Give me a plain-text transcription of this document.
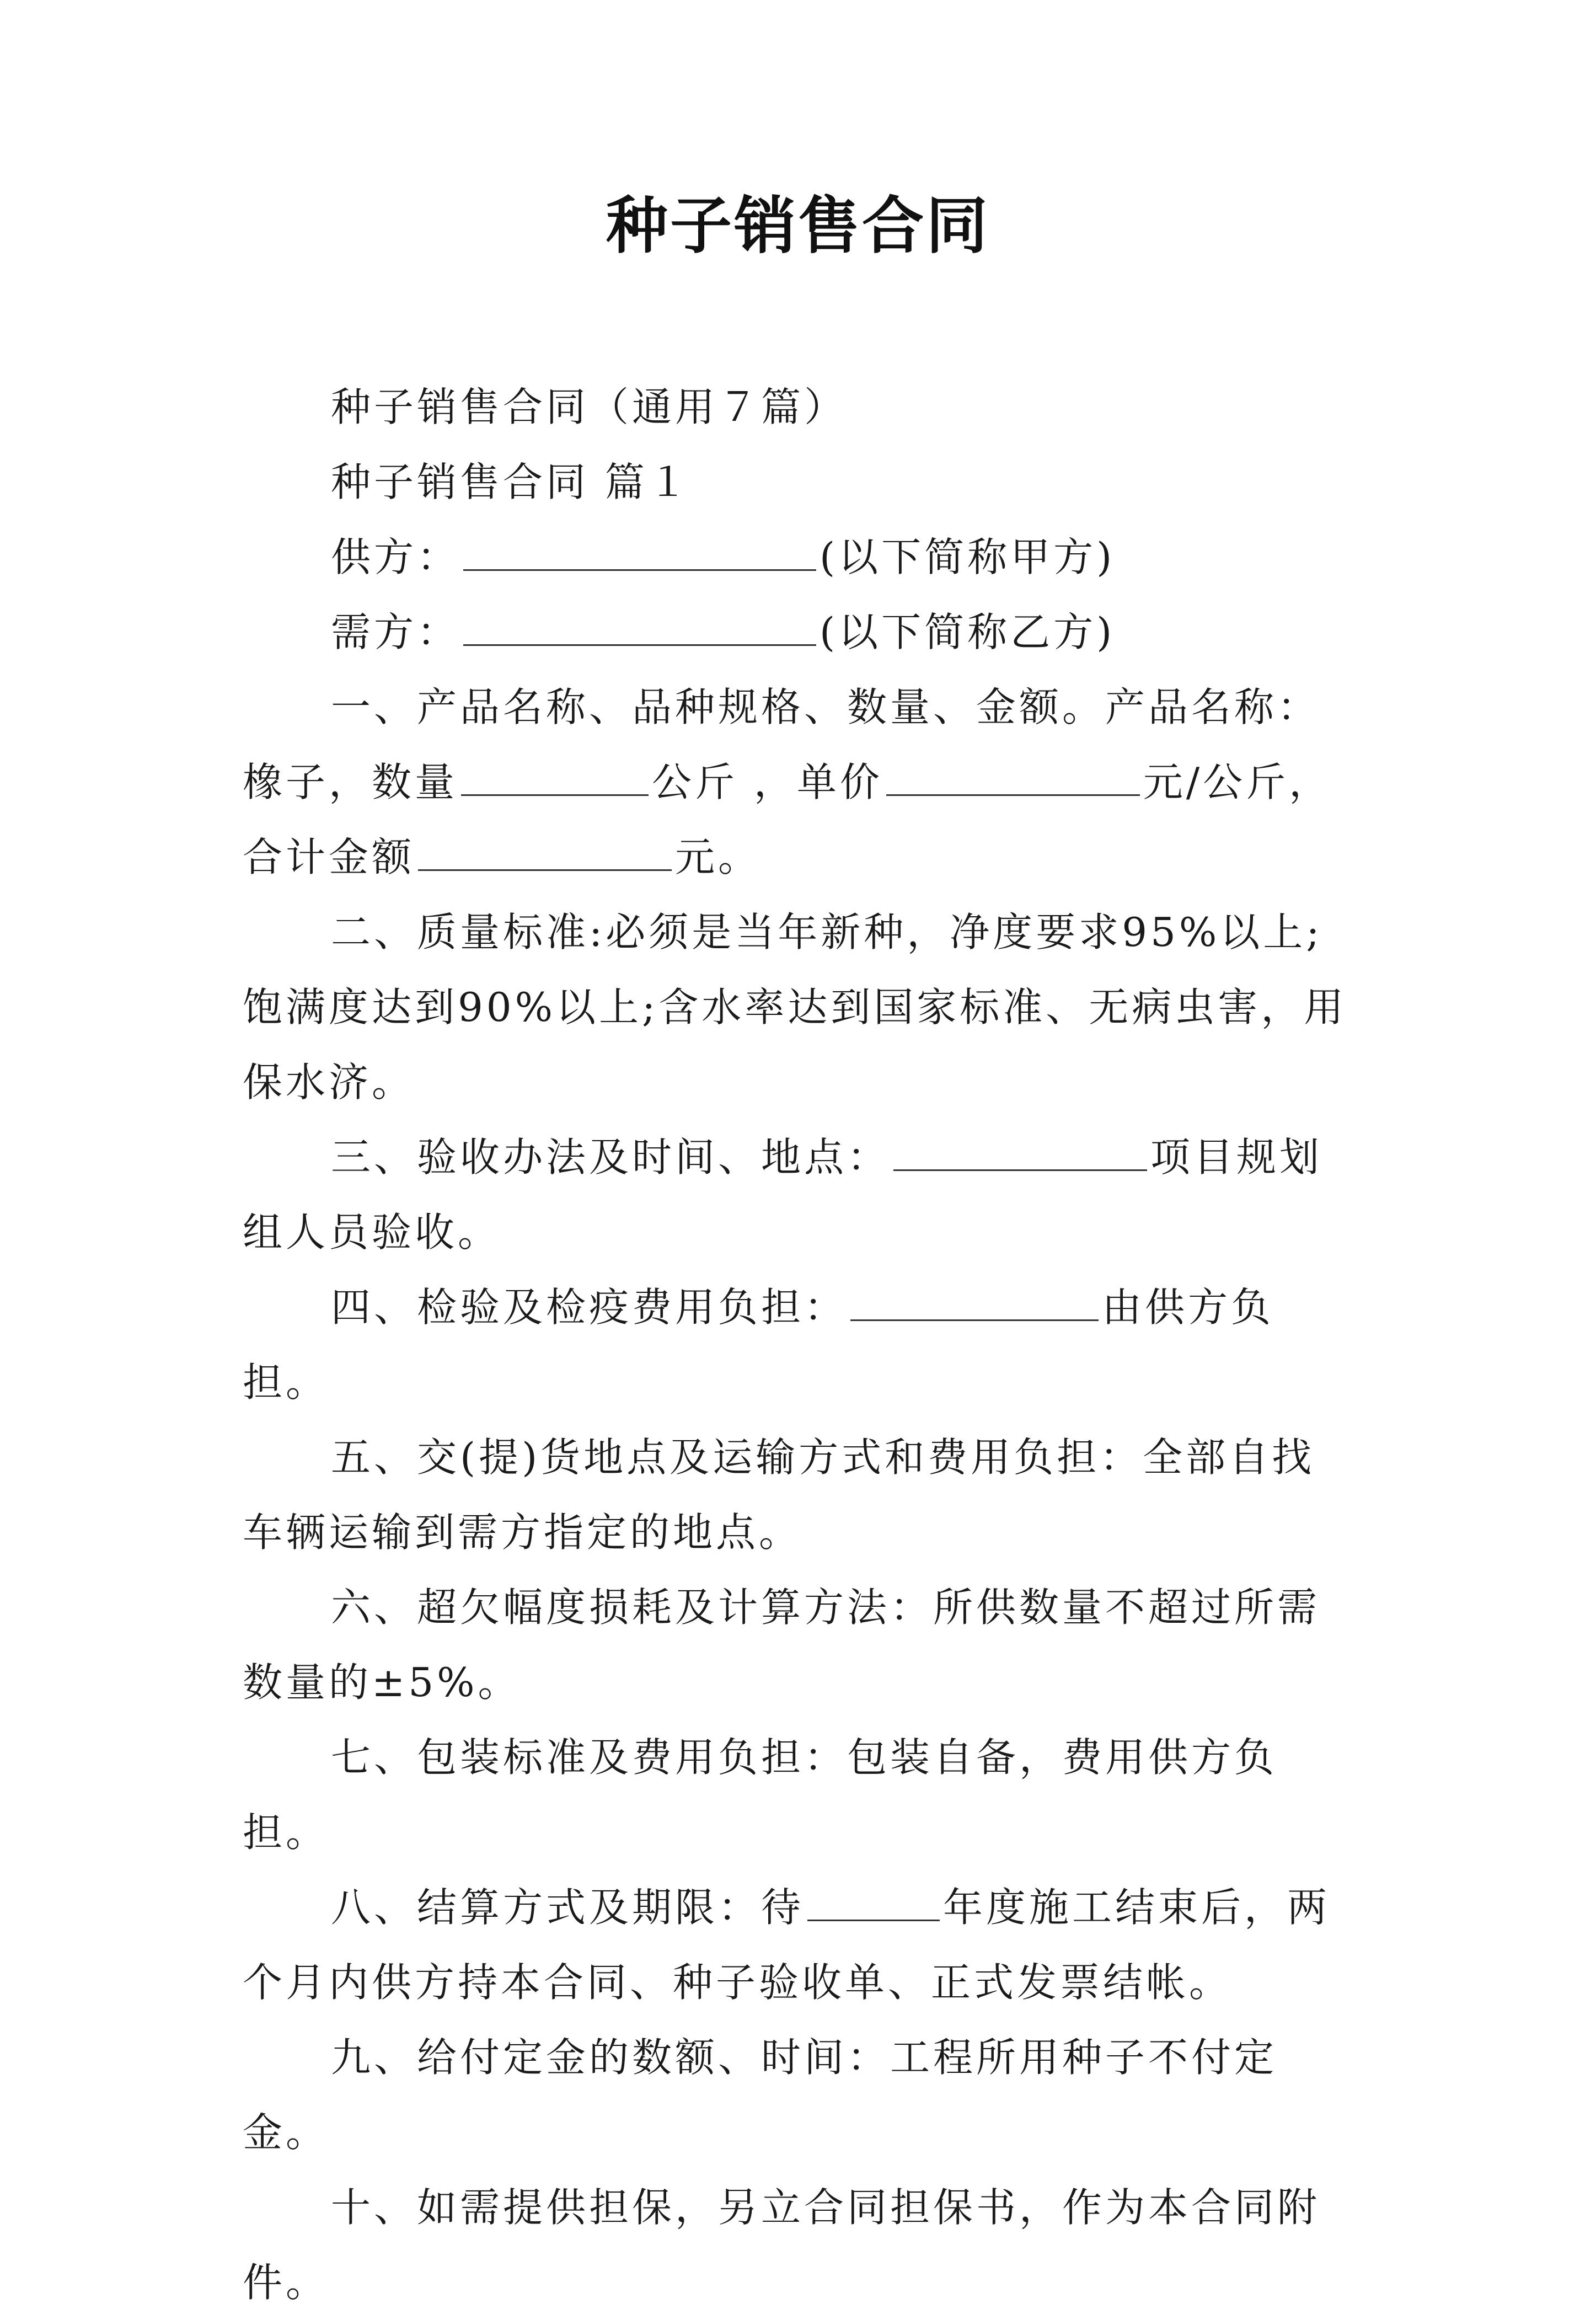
种子销售合同

种子销售合同（通用７篇）

种子销售合同 篇１

供方：	(以下简称甲方)

需方：	(以下简称乙方)

一、产品名称、品种规格、数量、金额。产品名称：橡子，数量	公斤 ，单价	元/公斤，合计金额	元。

二、质量标准:必须是当年新种，净度要求95%以上;饱满度达到90%以上;含水率达到国家标准、无病虫害，用保水济。

三、验收办法及时间、地点：	项目规划组人员验收。

四、检验及检疫费用负担：	由供方负担。

五、交(提)货地点及运输方式和费用负担：全部自找车辆运输到需方指定的地点。

六、超欠幅度损耗及计算方法：所供数量不超过所需数量的±5%。

七、包装标准及费用负担：包装自备，费用供方负担。

八、结算方式及期限：待	年度施工结束后，两个月内供方持本合同、种子验收单、正式发票结帐。

九、给付定金的数额、时间：工程所用种子不付定金。

十、如需提供担保，另立合同担保书，作为本合同附件。
